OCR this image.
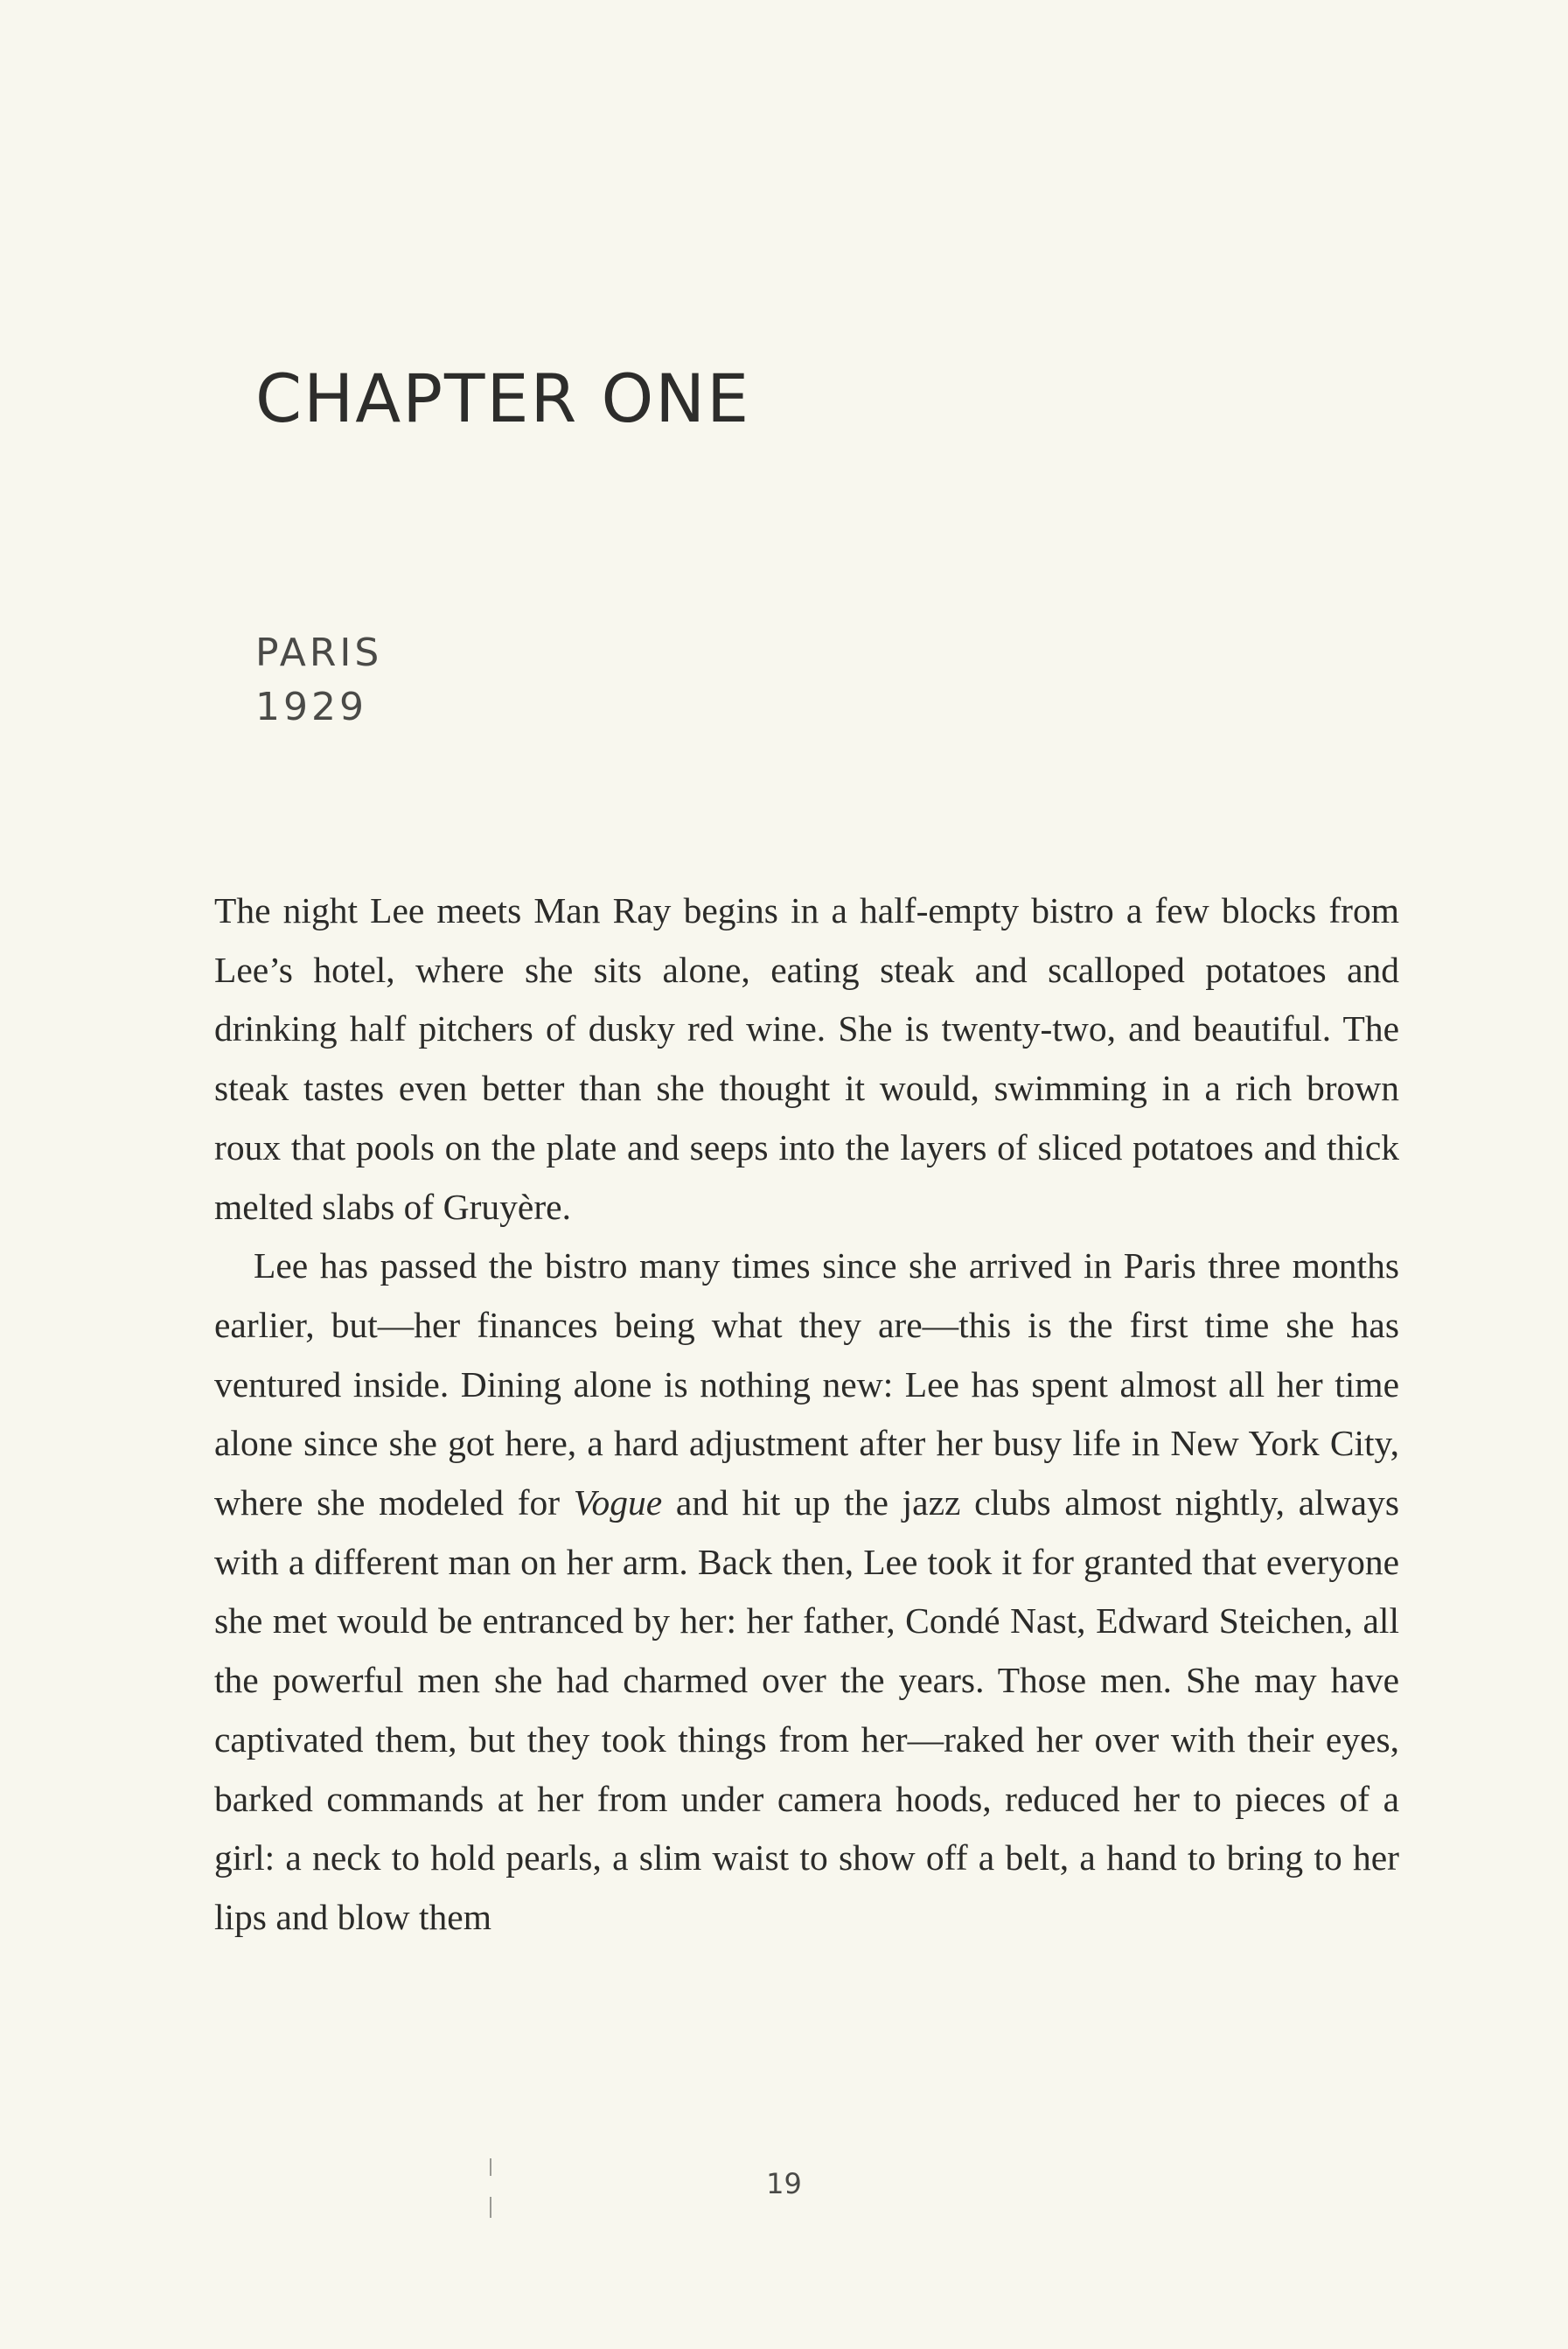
CHAPTER ONE
PARIS
1929

The night Lee meets Man Ray begins in a half-empty bistro a few blocks from Lee’s hotel, where she sits alone, eating steak and scalloped potatoes and drinking half pitchers of dusky red wine. She is twenty-two, and beautiful. The steak tastes even better than she thought it would, swimming in a rich brown roux that pools on the plate and seeps into the layers of sliced potatoes and thick melted slabs of Gruyère.

Lee has passed the bistro many times since she arrived in Paris three months earlier, but—her finances being what they are—this is the first time she has ventured inside. Dining alone is nothing new: Lee has spent almost all her time alone since she got here, a hard adjustment after her busy life in New York City, where she modeled for Vogue and hit up the jazz clubs almost nightly, always with a different man on her arm. Back then, Lee took it for granted that everyone she met would be entranced by her: her father, Condé Nast, Edward Steichen, all the powerful men she had charmed over the years. Those men. She may have captivated them, but they took things from her—raked her over with their eyes, barked commands at her from under camera hoods, reduced her to pieces of a girl: a neck to hold pearls, a slim waist to show off a belt, a hand to bring to her lips and blow them

19
